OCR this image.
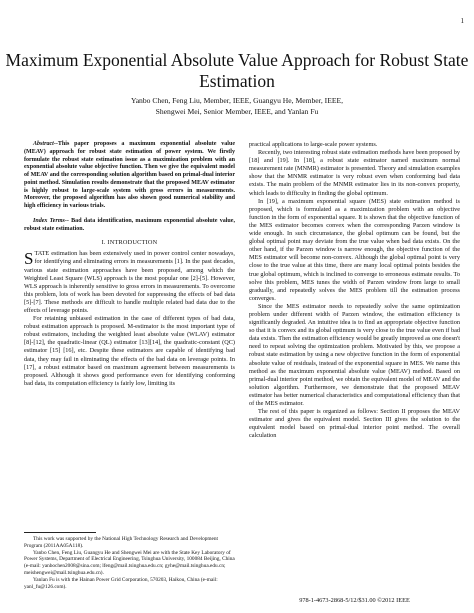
1
Maximum Exponential Absolute Value Approach for Robust State Estimation
Yanbo Chen, Feng Liu, Member, IEEE, Guangyu He, Member, IEEE,
Shengwei Mei, Senior Member, IEEE, and Yanlan Fu

Abstract--This paper proposes a maximum exponential absolute value (MEAV) approach for robust state estimation of power system. We firstly formulate the robust state estimation issue as a maximization problem with an exponential absolute value objective function. Then we give the equivalent model of MEAV and the corresponding solution algorithm based on primal-dual interior point method. Simulation results demonstrate that the proposed MEAV estimator is highly robust to large-scale system with gross errors in measurements. Moreover, the proposed algorithm has also shown good numerical stability and high efficiency in various trials.

Index Terms-- Bad data identification, maximum exponential absolute value, robust state estimation.

I. INTRODUCTION

STATE estimation has been extensively used in power control center nowadays, for identifying and eliminating errors in measurements [1]. In the past decades, various state estimation approaches have been proposed, among which the Weighted Least Square (WLS) approach is the most popular one [2]-[5]. However, WLS approach is inherently sensitive to gross errors in measurements. To overcome this problem, lots of work has been devoted for suppressing the effects of bad data [5]-[7]. These methods are difficult to handle multiple related bad data due to the effects of leverage points.

For retaining unbiased estimation in the case of different types of bad data, robust estimation approach is proposed. M-estimator is the most important type of robust estimators, including the weighted least absolute value (WLAV) estimator [8]-[12], the quadratic-linear (QL) estimator [13][14], the quadratic-constant (QC) estimator [15] [16], etc. Despite these estimators are capable of identifying bad data, they may fail in eliminating the effects of the bad data on leverage points. In [17], a robust estimator based on maximum agreement between measurements is proposed. Although it shows good performance even for identifying conforming bad data, its computation efficiency is fairly low, limiting its

This work was supported by the National High Technology Research and Development Program (2011AA05A118).

Yanbo Chen, Feng Liu, Guangyu He and Shengwei Mei are with the State Key Laboratory of Power Systems, Department of Electrical Engineering, Tsinghua University, 100084 Beijing, China (e-mail: yanbochen2008@sina.com; lfeng@mail.tsinghua.edu.cn; gyhe@mail.tsinghua.edu.cn; meishengwei@mail.tsinghua.edu.cn).

Yanlan Fu is with the Hainan Power Grid Corporation, 570203, Haikou, China (e-mail: yanl_fu@126.com).

practical applications to large-scale power systems.

Recently, two interesting robust state estimation methods have been proposed by [18] and [19]. In [18], a robust state estimator named maximum normal measurement rate (MNMR) estimator is presented. Theory and simulation examples show that the MNMR estimator is very robust even when conforming bad data exists. The main problem of the MNMR estimator lies in its non-convex property, which leads to difficulty in finding the global optimum.

In [19], a maximum exponential square (MES) state estimation method is proposed, which is formulated as a maximization problem with an objective function in the form of exponential square. It is shown that the objective function of the MES estimator becomes convex when the corresponding Parzen window is wide enough. In such circumstance, the global optimum can be found, but the global optimal point may deviate from the true value when bad data exists. On the other hand, if the Parzen window is narrow enough, the objective function of the MES estimator will become non-convex. Although the global optimal point is very close to the true value at this time, there are many local optimal points besides the true global optimum, which is inclined to converge to erroneous estimate results. To solve this problem, MES tunes the width of Parzen window from large to small gradually, and repeatedly solves the MES problem till the estimation process converges.

Since the MES estimator needs to repeatedly solve the same optimization problem under different width of Parzen window, the estimation efficiency is significantly degraded. An intuitive idea is to find an appropriate objective function so that it is convex and its global optimum is very close to the true value even if bad data exists. Then the estimation efficiency would be greatly improved as one doesn't need to repeat solving the optimization problem. Motivated by this, we propose a robust state estimation by using a new objective function in the form of exponential absolute value of residuals, instead of the exponential square in MES. We name this method as the maximum exponential absolute value (MEAV) method. Based on primal-dual interior point method, we obtain the equivalent model of MEAV and the solution algorithm. Furthermore, we demonstrate that the proposed MEAV estimator has better numerical characteristics and computational efficiency than that of the MES estimator.

The rest of this paper is organized as follows: Section II proposes the MEAV estimator and gives the equivalent model. Section III gives the solution to the equivalent model based on primal-dual interior point method. The overall calculation

978-1-4673-2868-5/12/$31.00 ©2012 IEEE
